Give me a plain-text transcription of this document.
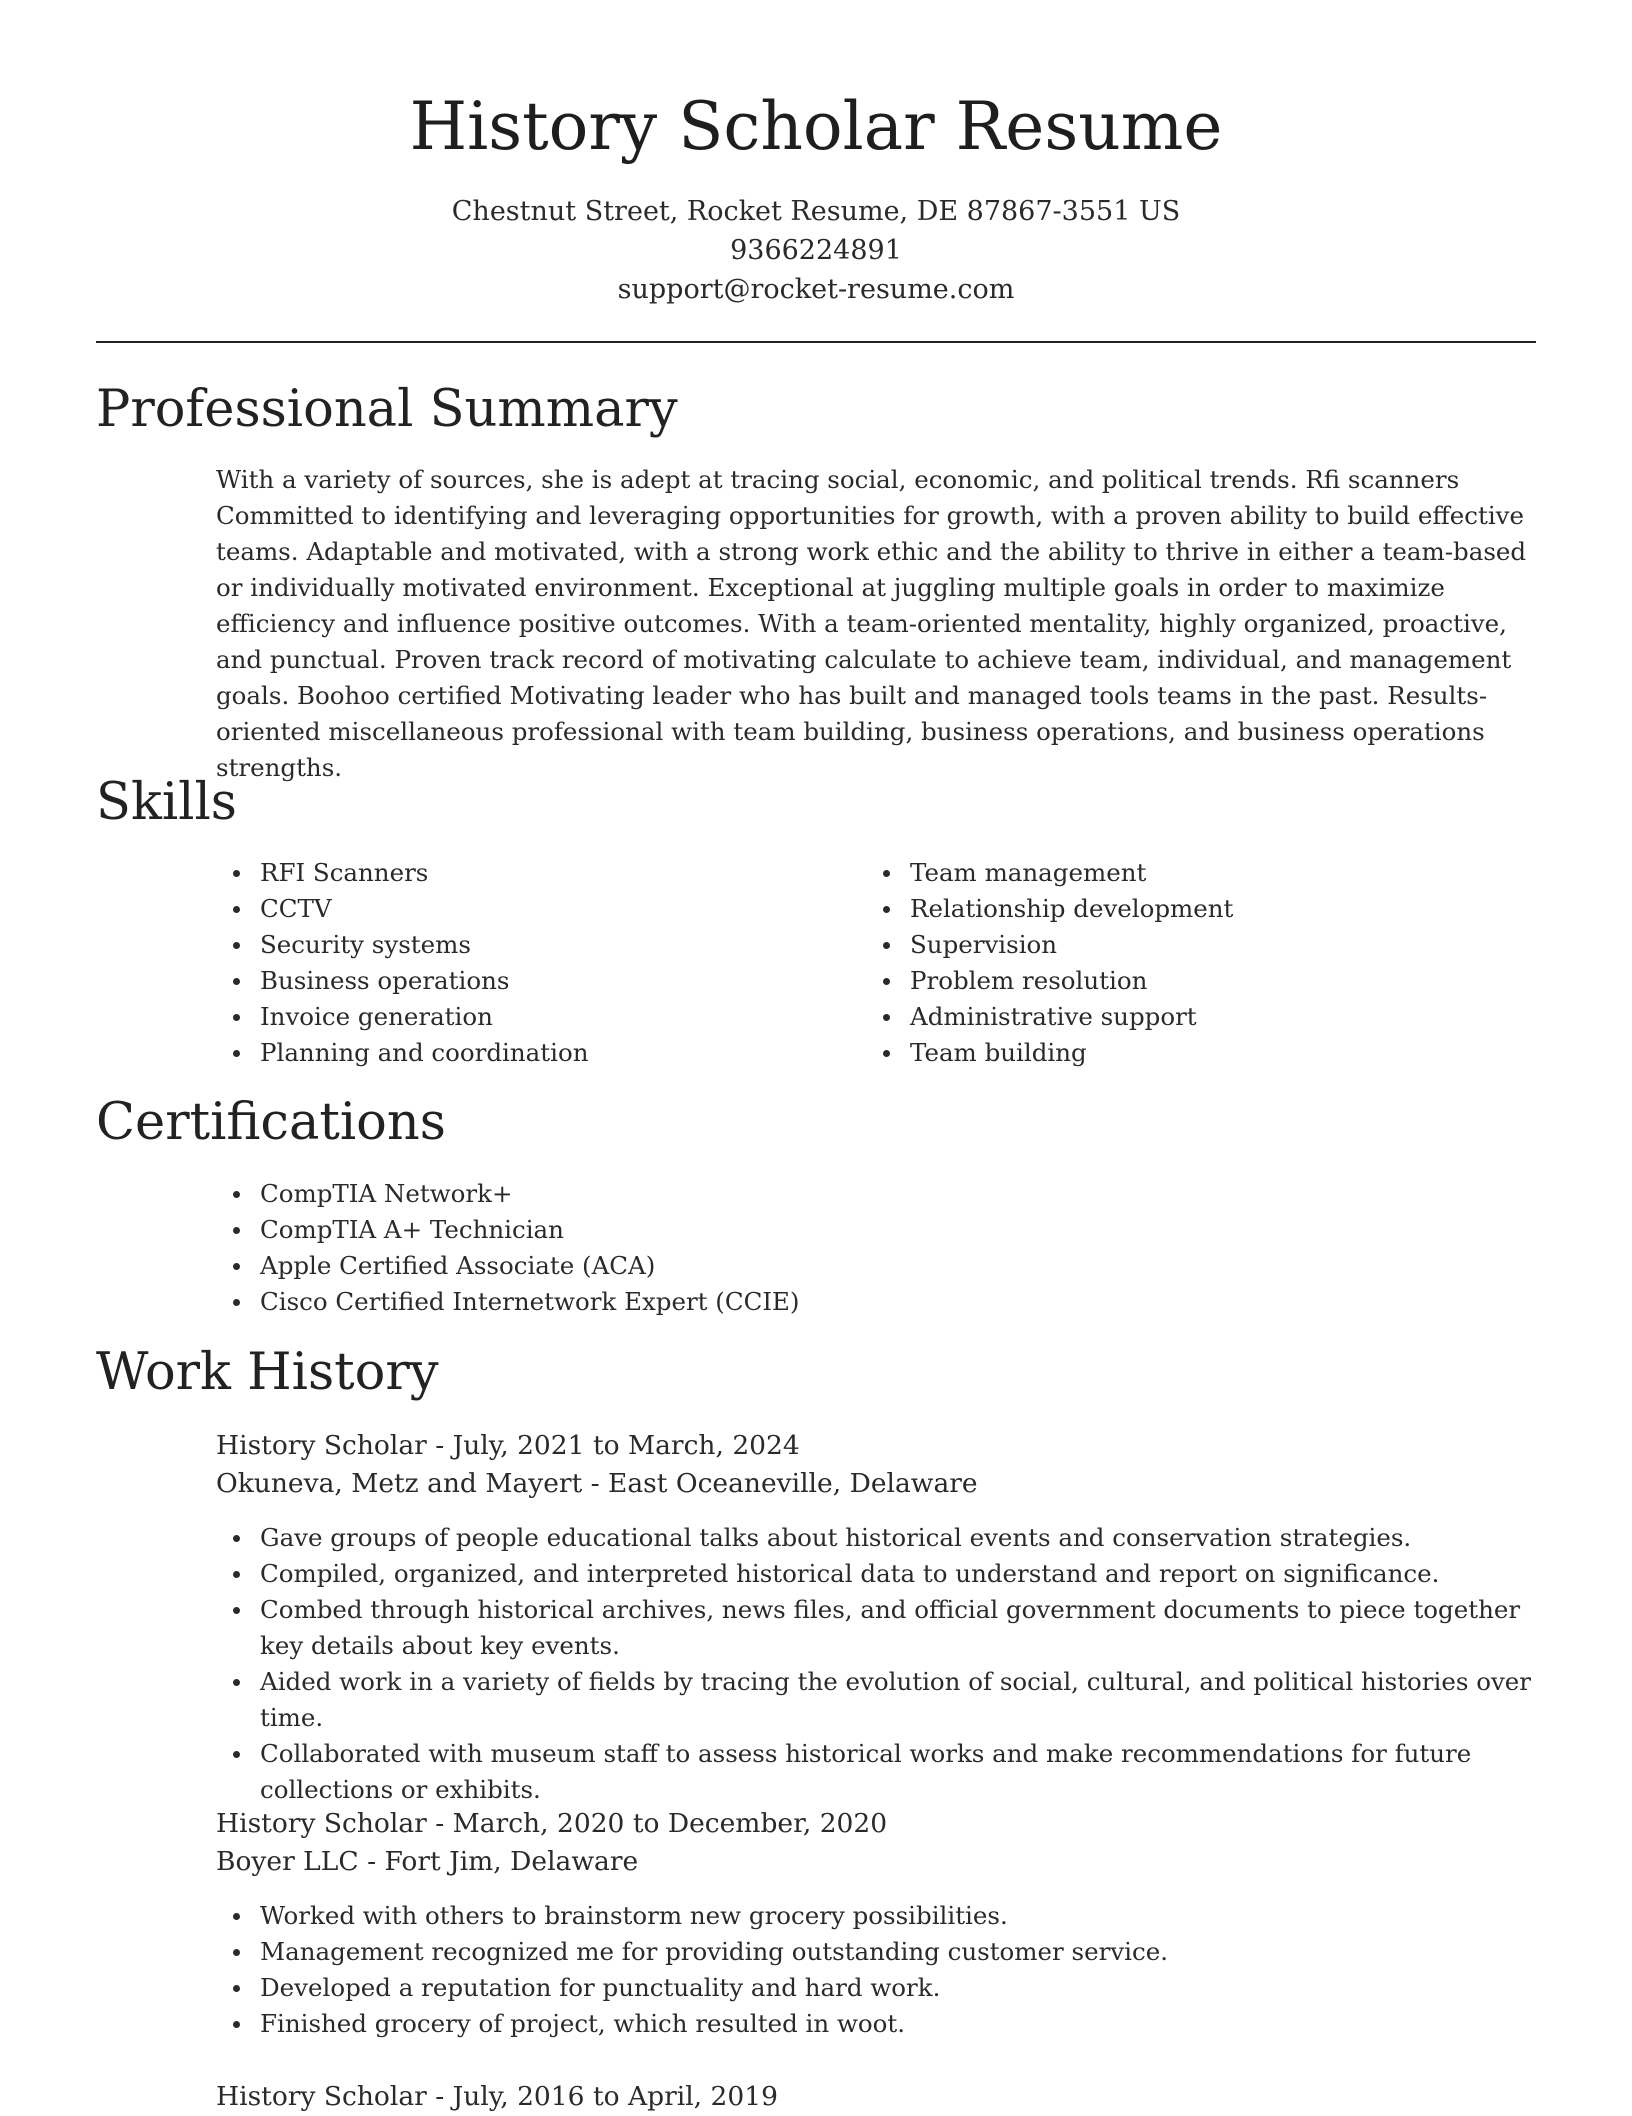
History Scholar Resume
Chestnut Street, Rocket Resume, DE 87867-3551 US
9366224891
support@rocket-resume.com
Professional Summary

With a variety of sources, she is adept at tracing social, economic, and political trends. Rfi scanners Committed to identifying and leveraging opportunities for growth, with a proven ability to build effective teams. Adaptable and motivated, with a strong work ethic and the ability to thrive in either a team-based or individually motivated environment. Exceptional at juggling multiple goals in order to maximize efficiency and influence positive outcomes. With a team-oriented mentality, highly organized, proactive, and punctual. Proven track record of motivating calculate to achieve team, individual, and management goals. Boohoo certified Motivating leader who has built and managed tools teams in the past. Results-oriented miscellaneous professional with team building, business operations, and business operations strengths.

Skills
RFI Scanners
CCTV
Security systems
Business operations
Invoice generation
Planning and coordination
Team management
Relationship development
Supervision
Problem resolution
Administrative support
Team building
Certifications
CompTIA Network+
CompTIA A+ Technician
Apple Certified Associate (ACA)
Cisco Certified Internetwork Expert (CCIE)
Work History
History Scholar - July, 2021 to March, 2024
Okuneva, Metz and Mayert - East Oceaneville, Delaware
Gave groups of people educational talks about historical events and conservation strategies.
Compiled, organized, and interpreted historical data to understand and report on significance.
Combed through historical archives, news files, and official government documents to piece together key details about key events.
Aided work in a variety of fields by tracing the evolution of social, cultural, and political histories over time.
Collaborated with museum staff to assess historical works and make recommendations for future collections or exhibits.
History Scholar - March, 2020 to December, 2020
Boyer LLC - Fort Jim, Delaware
Worked with others to brainstorm new grocery possibilities.
Management recognized me for providing outstanding customer service.
Developed a reputation for punctuality and hard work.
Finished grocery of project, which resulted in woot.
History Scholar - July, 2016 to April, 2019
